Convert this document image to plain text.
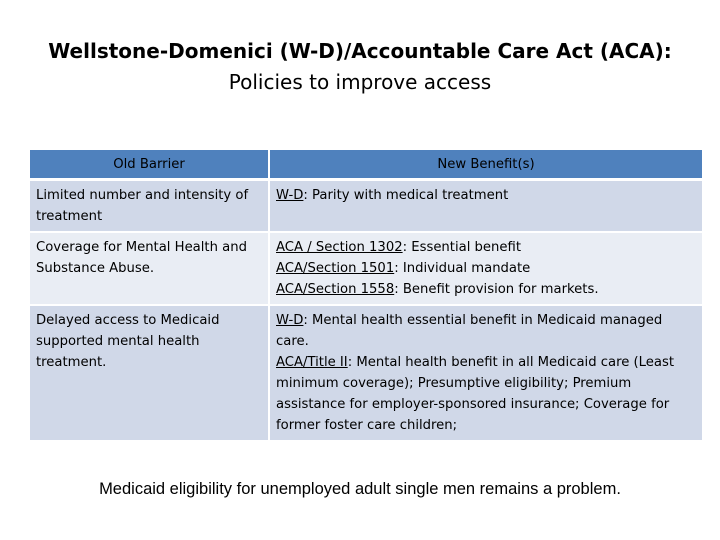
Wellstone-Domenici (W-D)/Accountable Care Act (ACA):
Policies to improve access
Old Barrier	New Benefit(s)
Limited number and intensity of treatment	W-D: Parity with medical treatment

Coverage for Mental Health and Substance Abuse.	ACA / Section 1302: Essential benefit
ACA/Section 1501: Individual mandate
ACA/Section 1558: Benefit provision for markets.

Delayed access to Medicaid supported mental health treatment.	W-D: Mental health essential benefit in Medicaid managed care.
ACA/Title II: Mental health benefit in all Medicaid care (Least minimum coverage); Presumptive eligibility; Premium assistance for employer-sponsored insurance; Coverage for former foster care children;
Medicaid eligibility for unemployed adult single men remains a problem.
